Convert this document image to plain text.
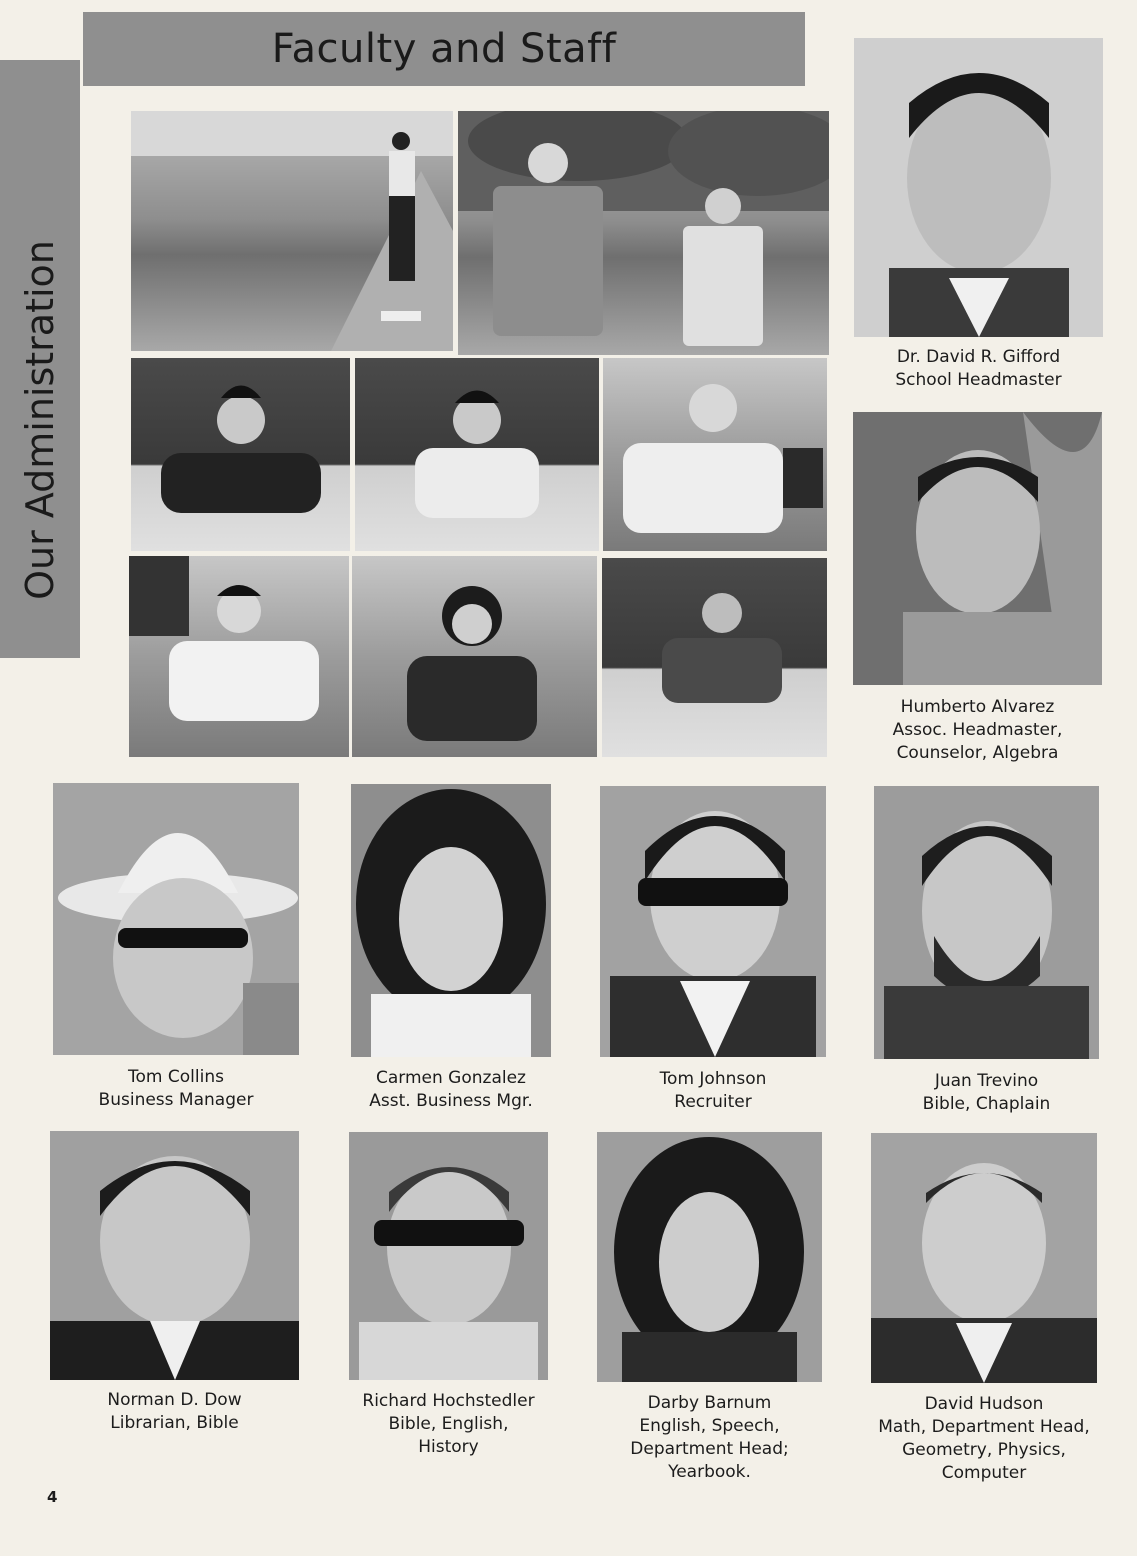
Faculty and Staff
Our Administration	Dr. David R. Gifford
School Headmaster
Humberto Alvarez
Assoc. Headmaster,
Counselor, Algebra
Tom Collins
Business Manager
Carmen Gonzalez
Asst. Business Mgr.
Tom Johnson
Recruiter
Juan Trevino
Bible, Chaplain
Norman D. Dow
Librarian, Bible
Richard Hochstedler
Bible, English,
History
Darby Barnum
English, Speech,
Department Head;
Yearbook.
David Hudson
Math, Department Head,
Geometry, Physics,
Computer
4
